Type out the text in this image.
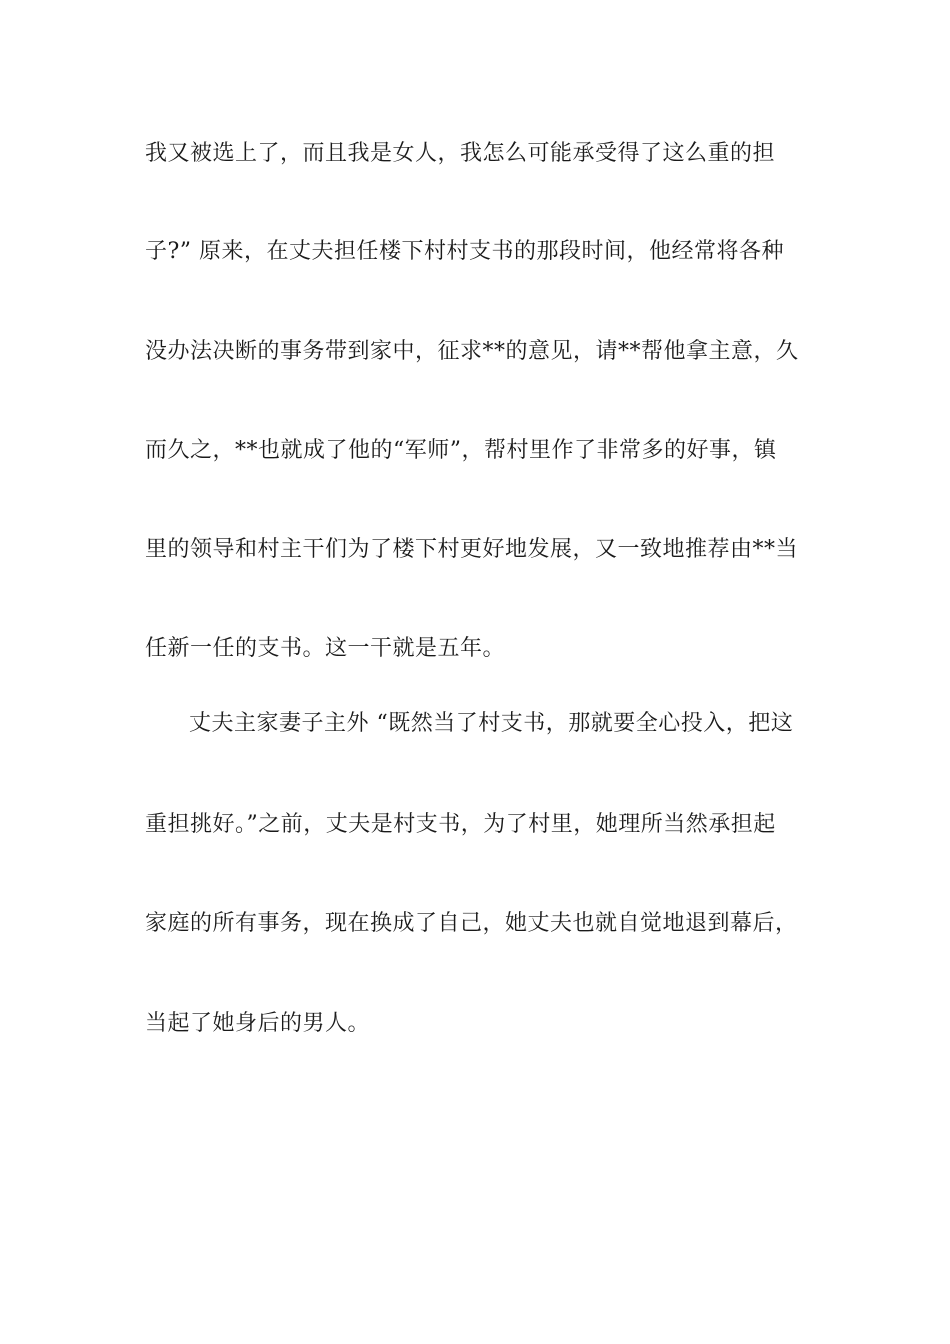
我又被选上了，而且我是女人，我怎么可能承受得了这么重的担
子?” 原来，在丈夫担任楼下村村支书的那段时间，他经常将各种
没办法决断的事务带到家中，征求**的意见，请**帮他拿主意，久
而久之，**也就成了他的“军师”，帮村里作了非常多的好事，镇
里的领导和村主干们为了楼下村更好地发展，又一致地推荐由**当
任新一任的支书。这一干就是五年。
丈夫主家妻子主外 “既然当了村支书，那就要全心投入，把这
重担挑好。”之前，丈夫是村支书，为了村里，她理所当然承担起
家庭的所有事务，现在换成了自己，她丈夫也就自觉地退到幕后，
当起了她身后的男人。
